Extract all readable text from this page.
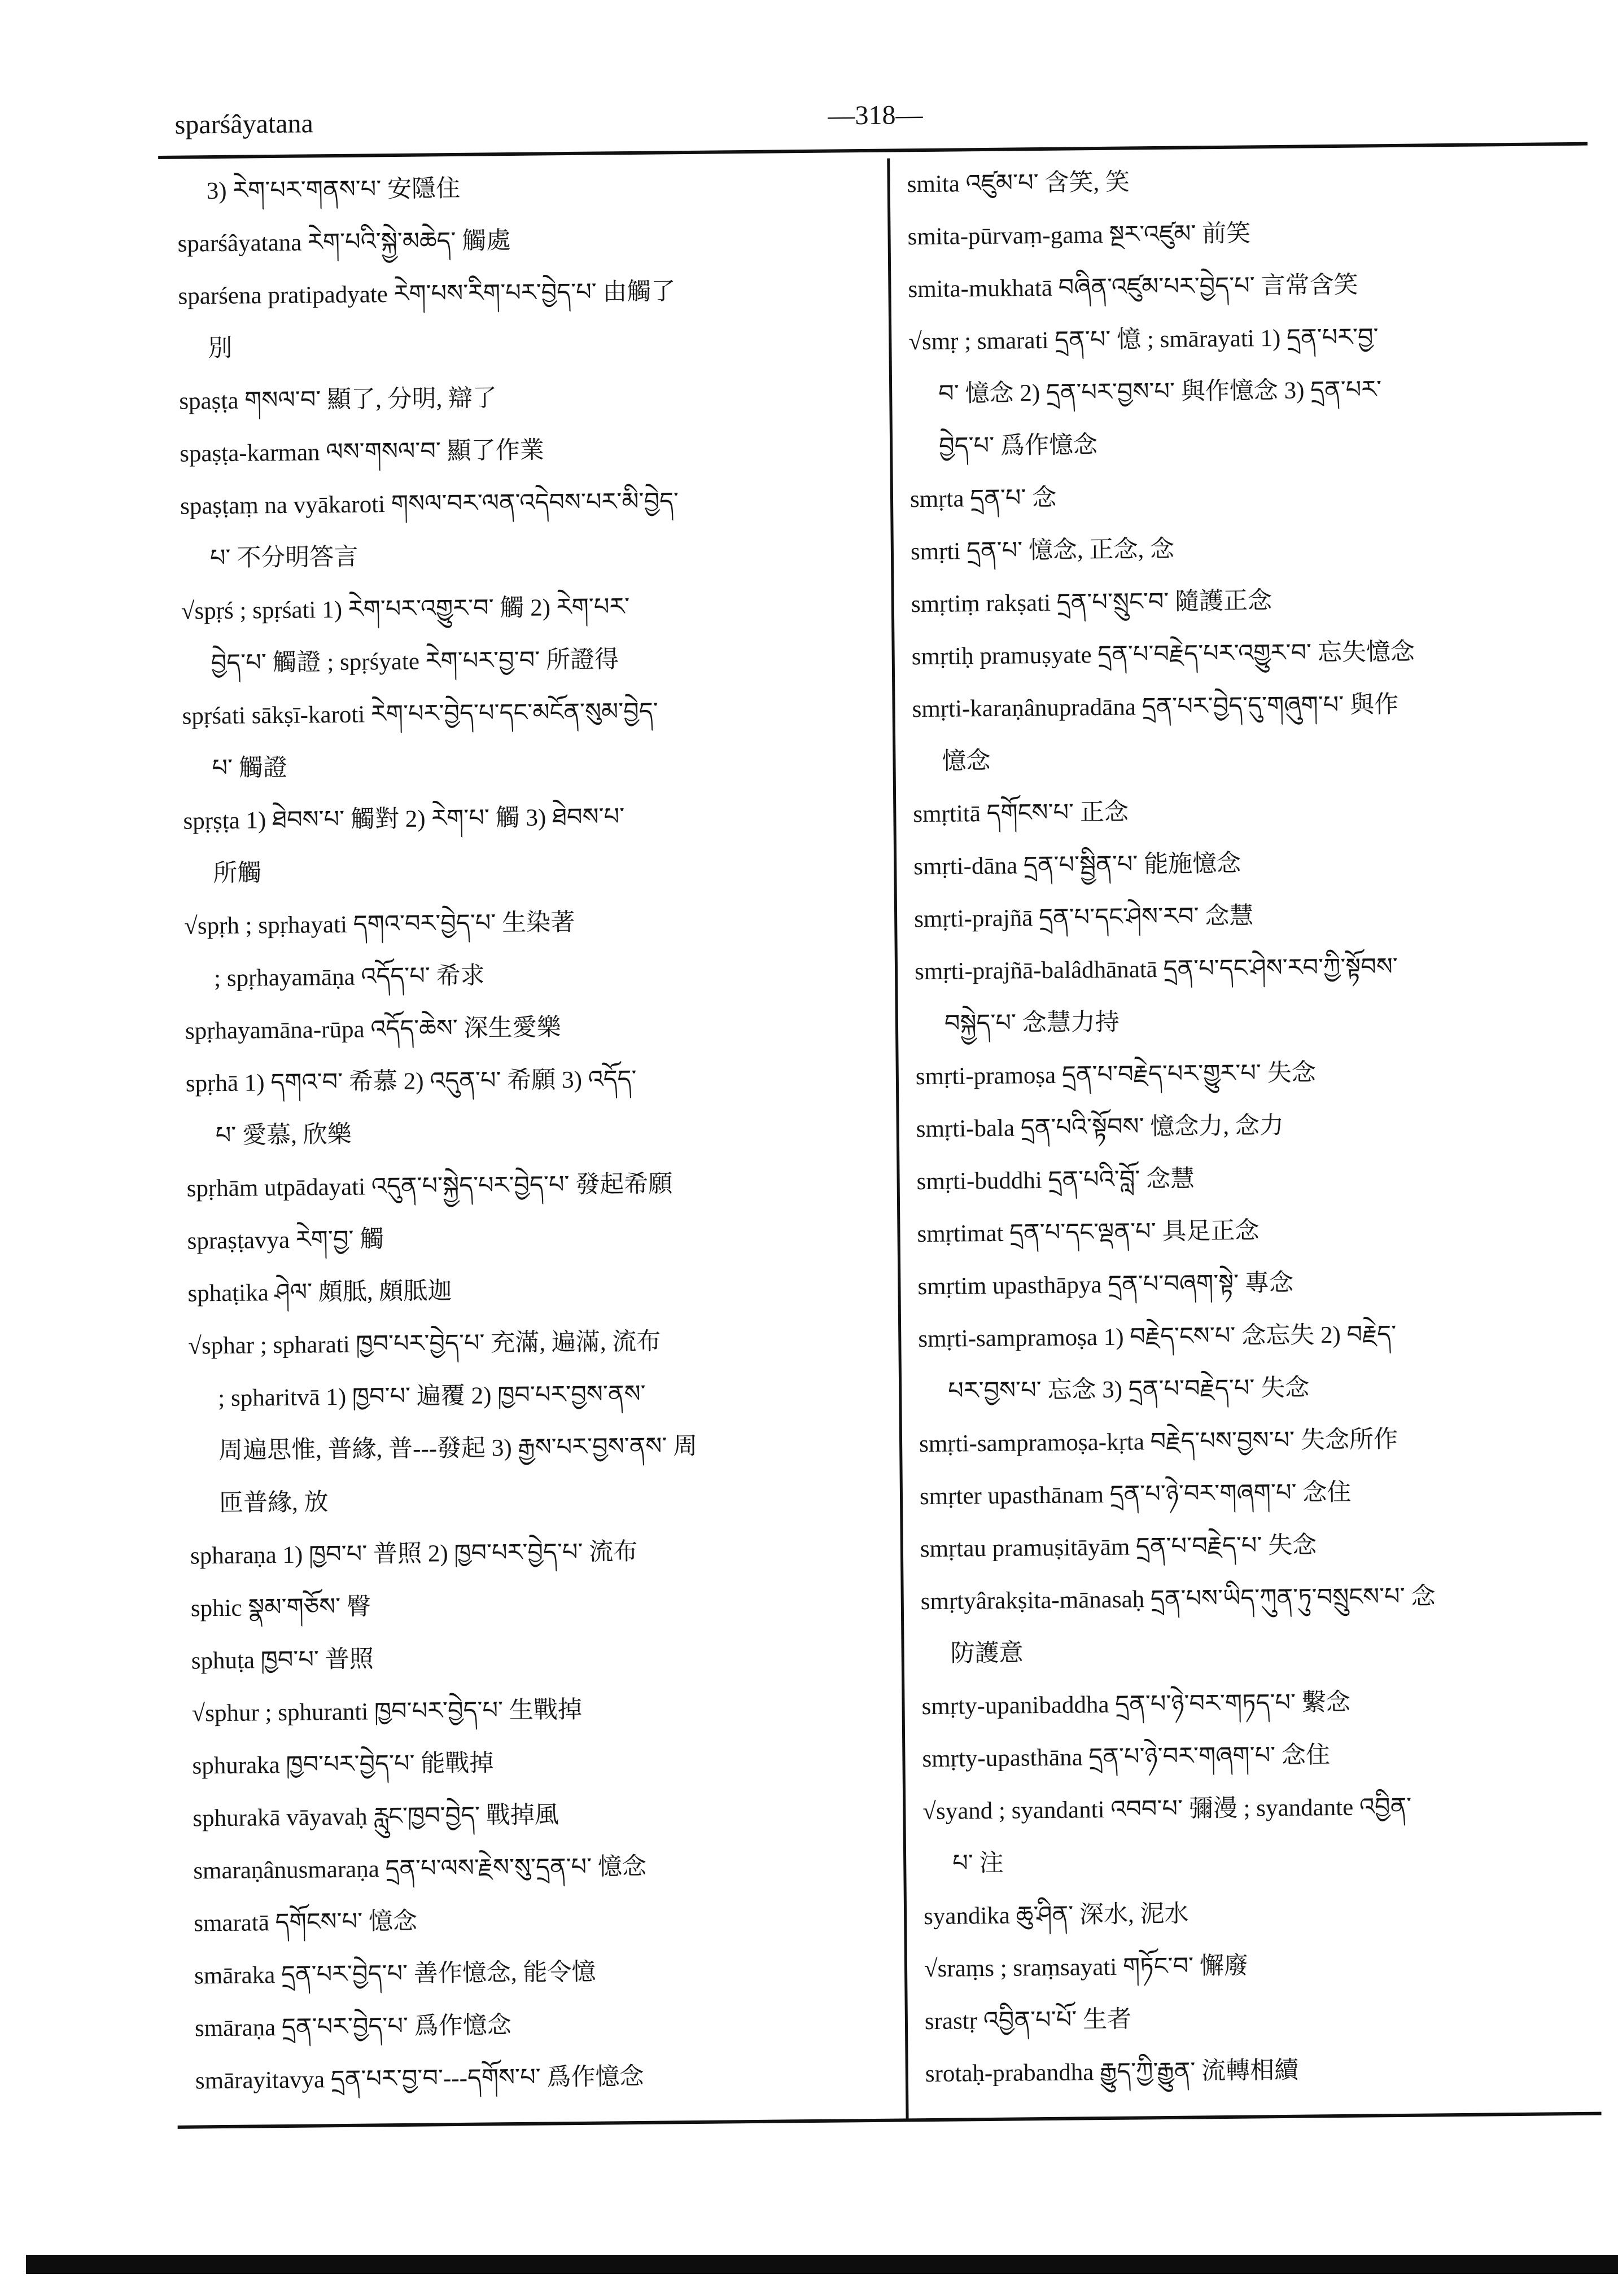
sparśâyatana	—318—
3) རེག་པར་གནས་པ་ 安隱住
sparśâyatana རེག་པའི་སྐྱེ་མཆེད་ 觸處
sparśena pratipadyate རེག་པས་རིག་པར་བྱེད་པ་ 由觸了
別
spaṣṭa གསལ་བ་ 顯了, 分明, 辯了
spaṣṭa-karman ལས་གསལ་བ་ 顯了作業
spaṣṭaṃ na vyākaroti གསལ་བར་ལན་འདེབས་པར་མི་བྱེད་
པ་ 不分明答言
√spṛś ; spṛśati 1) རེག་པར་འགྱུར་བ་ 觸 2) རེག་པར་
བྱེད་པ་ 觸證 ; spṛśyate རེག་པར་བྱ་བ་ 所證得
spṛśati sākṣī-karoti རེག་པར་བྱེད་པ་དང་མངོན་སུམ་བྱེད་
པ་ 觸證
spṛṣṭa 1) ཐེབས་པ་ 觸對 2) རེག་པ་ 觸 3) ཐེབས་པ་
所觸
√spṛh ; spṛhayati དགའ་བར་བྱེད་པ་ 生染著
; spṛhayamāṇa འདོད་པ་ 希求
spṛhayamāna-rūpa འདོད་ཆེས་ 深生愛樂
spṛhā 1) དགའ་བ་ 希慕 2) འདུན་པ་ 希願 3) འདོད་
པ་ 愛慕, 欣樂
spṛhām utpādayati འདུན་པ་སྐྱེད་པར་བྱེད་པ་ 發起希願
spraṣṭavya རེག་བྱ་ 觸
sphaṭika ཤེལ་ 頗胝, 頗胝迦
√sphar ; spharati ཁྱབ་པར་བྱེད་པ་ 充滿, 遍滿, 流布
; spharitvā 1) ཁྱབ་པ་ 遍覆 2) ཁྱབ་པར་བྱས་ནས་
周遍思惟, 普緣, 普---發起 3) རྒྱས་པར་བྱས་ནས་ 周
匝普緣, 放
spharaṇa 1) ཁྱབ་པ་ 普照 2) ཁྱབ་པར་བྱེད་པ་ 流布
sphic སྣམ་གཅོས་ 臀
sphuṭa ཁྱབ་པ་ 普照
√sphur ; sphuranti ཁྱབ་པར་བྱེད་པ་ 生戰掉
sphuraka ཁྱབ་པར་བྱེད་པ་ 能戰掉
sphurakā vāyavaḥ རླུང་ཁྱབ་བྱེད་ 戰掉風
smaraṇânusmaraṇa དྲན་པ་ལས་རྗེས་སུ་དྲན་པ་ 憶念
smaratā དགོངས་པ་ 憶念
smāraka དྲན་པར་བྱེད་པ་ 善作憶念, 能令憶
smāraṇa དྲན་པར་བྱེད་པ་ 爲作憶念
smārayitavya དྲན་པར་བྱ་བ་---དགོས་པ་ 爲作憶念
smita འཛུམ་པ་ 含笑, 笑
smita-pūrvaṃ-gama སྔར་འཛུམ་ 前笑
smita-mukhatā བཞིན་འཛུམ་པར་བྱེད་པ་ 言常含笑
√smṛ ; smarati དྲན་པ་ 憶 ; smārayati 1) དྲན་པར་བྱ་
བ་ 憶念 2) དྲན་པར་བྱས་པ་ 與作憶念 3) དྲན་པར་
བྱེད་པ་ 爲作憶念
smṛta དྲན་པ་ 念
smṛti དྲན་པ་ 憶念, 正念, 念
smṛtiṃ rakṣati དྲན་པ་སྲུང་བ་ 隨護正念
smṛtiḥ pramuṣyate དྲན་པ་བརྗེད་པར་འགྱུར་བ་ 忘失憶念
smṛti-karaṇânupradāna དྲན་པར་བྱེད་དུ་གཞུག་པ་ 與作
憶念
smṛtitā དགོངས་པ་ 正念
smṛti-dāna དྲན་པ་སྦྱིན་པ་ 能施憶念
smṛti-prajñā དྲན་པ་དང་ཤེས་རབ་ 念慧
smṛti-prajñā-balâdhānatā དྲན་པ་དང་ཤེས་རབ་ཀྱི་སྟོབས་
བསྐྱེད་པ་ 念慧力持
smṛti-pramoṣa དྲན་པ་བརྗེད་པར་གྱུར་པ་ 失念
smṛti-bala དྲན་པའི་སྟོབས་ 憶念力, 念力
smṛti-buddhi དྲན་པའི་བློ་ 念慧
smṛtimat དྲན་པ་དང་ལྡན་པ་ 具足正念
smṛtim upasthāpya དྲན་པ་བཞག་སྟེ་ 專念
smṛti-sampramoṣa 1) བརྗེད་ངས་པ་ 念忘失 2) བརྗེད་
པར་བྱས་པ་ 忘念 3) དྲན་པ་བརྗེད་པ་ 失念
smṛti-sampramoṣa-kṛta བརྗེད་པས་བྱས་པ་ 失念所作
smṛter upasthānam དྲན་པ་ཉེ་བར་གཞག་པ་ 念住
smṛtau pramuṣitāyām དྲན་པ་བརྗེད་པ་ 失念
smṛtyârakṣita-mānasaḥ དྲན་པས་ཡིད་ཀུན་ཏུ་བསྲུངས་པ་ 念
防護意
smṛty-upanibaddha དྲན་པ་ཉེ་བར་གཏད་པ་ 繫念
smṛty-upasthāna དྲན་པ་ཉེ་བར་གཞག་པ་ 念住
√syand ; syandanti འབབ་པ་ 彌漫 ; syandante འབྱིན་
པ་ 注
syandika ཆུ་ཤིན་ 深水, 泥水
√sraṃs ; sraṃsayati གཏོང་བ་ 懈廢
srastṛ འབྱིན་པ་པོ་ 生者
srotaḥ-prabandha རྒྱུད་ཀྱི་རྒྱུན་ 流轉相續
